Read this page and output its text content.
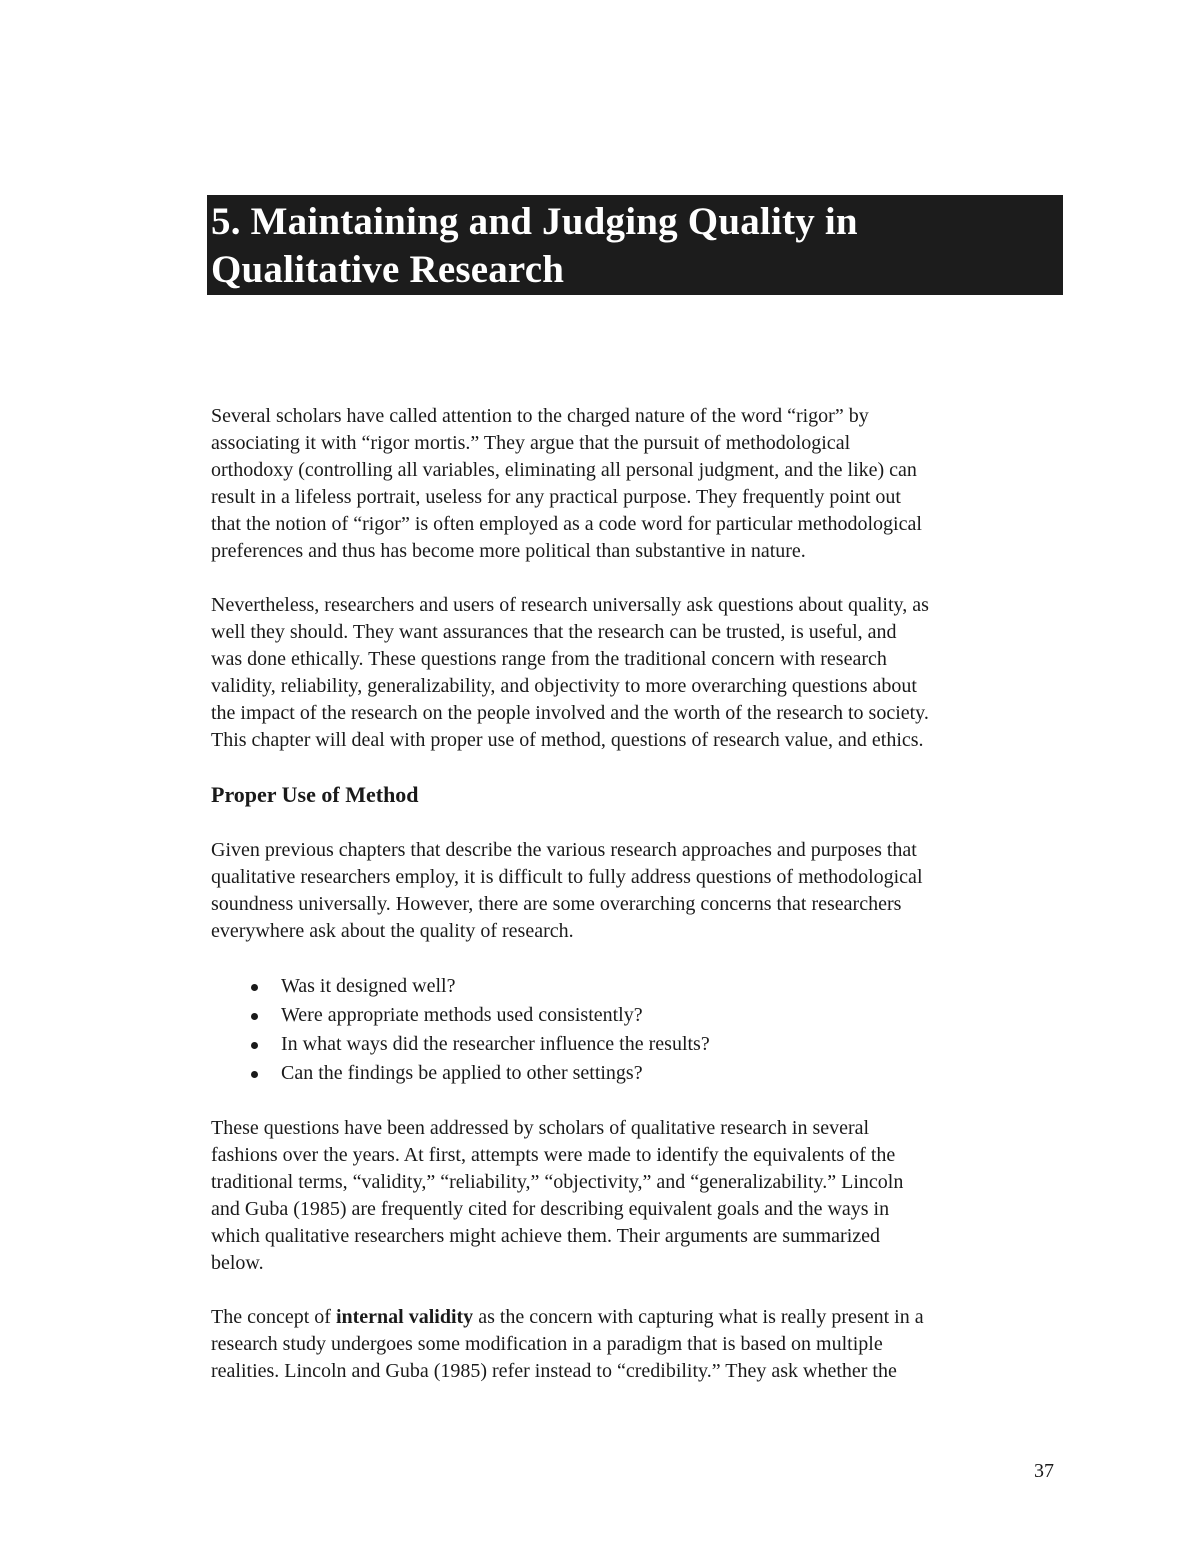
5. Maintaining and Judging Quality in
Qualitative Research

Several scholars have called attention to the charged nature of the word “rigor” by
associating it with “rigor mortis.” They argue that the pursuit of methodological
orthodoxy (controlling all variables, eliminating all personal judgment, and the like) can
result in a lifeless portrait, useless for any practical purpose. They frequently point out
that the notion of “rigor” is often employed as a code word for particular methodological
preferences and thus has become more political than substantive in nature.

Nevertheless, researchers and users of research universally ask questions about quality, as
well they should. They want assurances that the research can be trusted, is useful, and
was done ethically. These questions range from the traditional concern with research
validity, reliability, generalizability, and objectivity to more overarching questions about
the impact of the research on the people involved and the worth of the research to society.
This chapter will deal with proper use of method, questions of research value, and ethics.

Proper Use of Method

Given previous chapters that describe the various research approaches and purposes that
qualitative researchers employ, it is difficult to fully address questions of methodological
soundness universally. However, there are some overarching concerns that researchers
everywhere ask about the quality of research.

Was it designed well?
Were appropriate methods used consistently?
In what ways did the researcher influence the results?
Can the findings be applied to other settings?

These questions have been addressed by scholars of qualitative research in several
fashions over the years. At first, attempts were made to identify the equivalents of the
traditional terms, “validity,” “reliability,” “objectivity,” and “generalizability.” Lincoln
and Guba (1985) are frequently cited for describing equivalent goals and the ways in
which qualitative researchers might achieve them. Their arguments are summarized
below.

The concept of internal validity as the concern with capturing what is really present in a
research study undergoes some modification in a paradigm that is based on multiple
realities. Lincoln and Guba (1985) refer instead to “credibility.” They ask whether the

37
